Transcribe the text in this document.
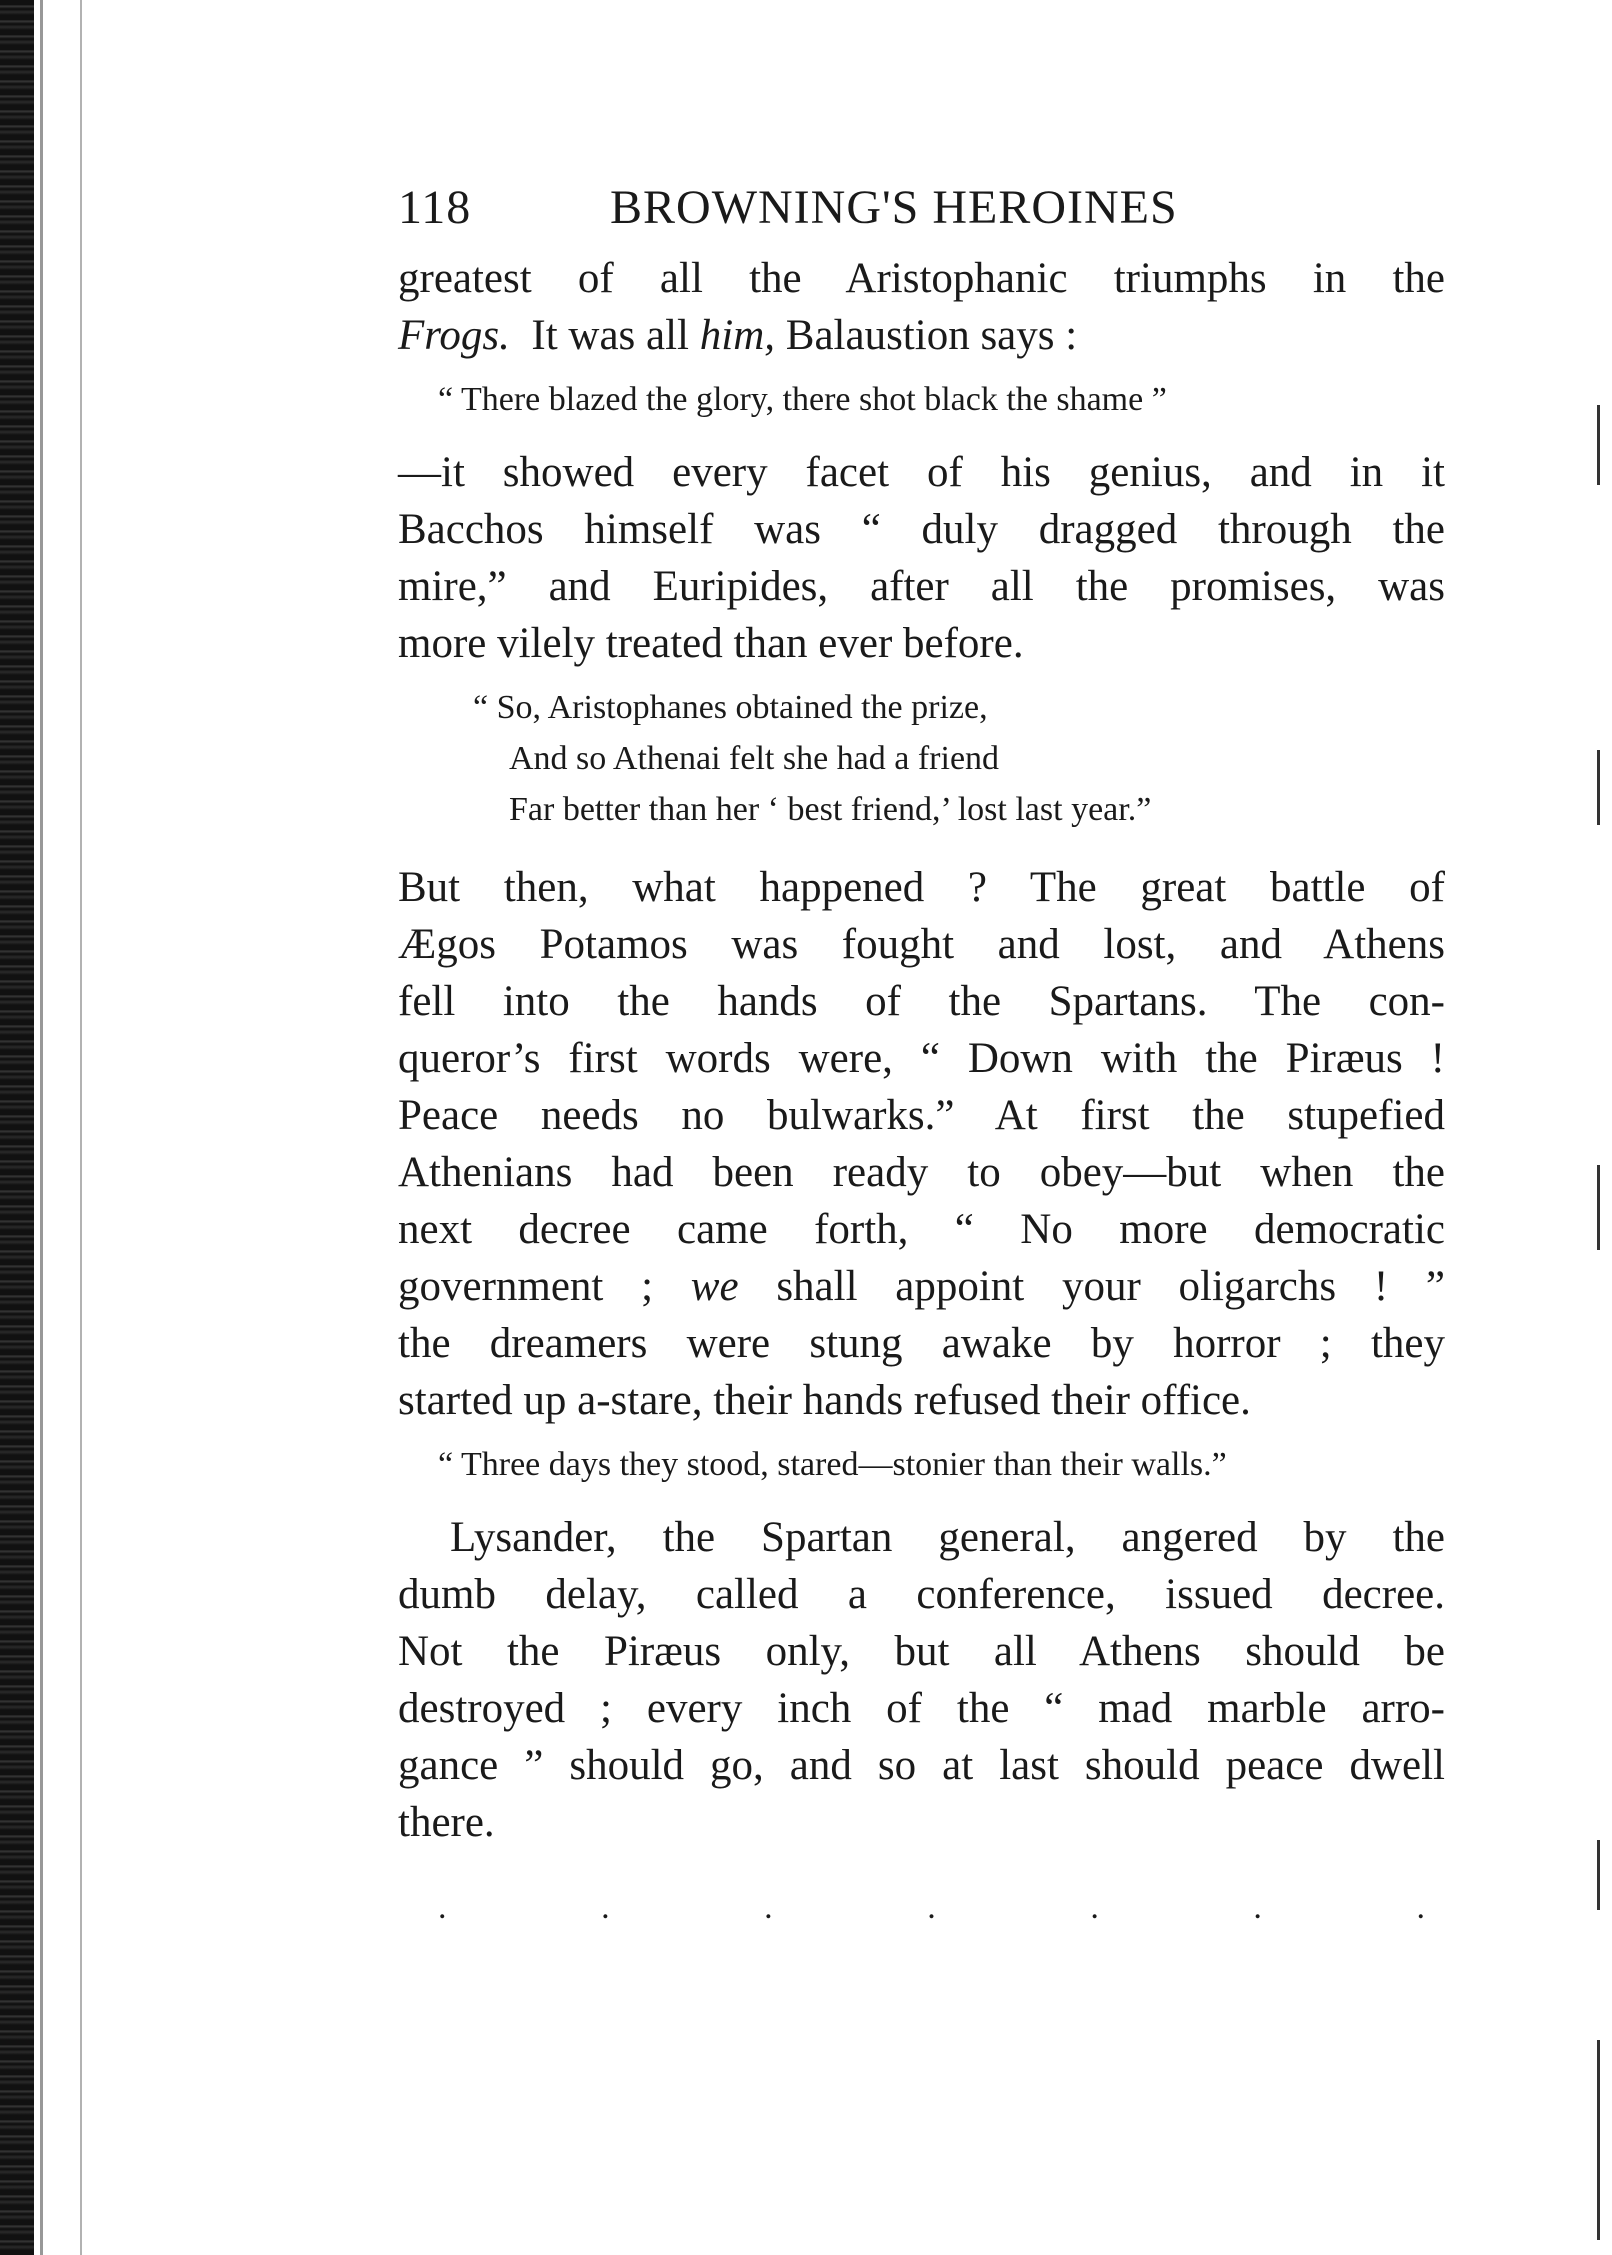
118	BROWNING'S HEROINES

greatest of all the Aristophanic triumphs in the
Frogs. It was all him, Balaustion says :

“ There blazed the glory, there shot black the shame ”

—it showed every facet of his genius, and in it
Bacchos himself was “ duly dragged through the
mire,” and Euripides, after all the promises, was
more vilely treated than ever before.

“ So, Aristophanes obtained the prize,
And so Athenai felt she had a friend
Far better than her ‘ best friend,’ lost last year.”

But then, what happened ? The great battle of
Ægos Potamos was fought and lost, and Athens
fell into the hands of the Spartans. The con-
queror’s first words were, “ Down with the Piræus !
Peace needs no bulwarks.” At first the stupefied
Athenians had been ready to obey—but when the
next decree came forth, “ No more democratic
government ; we shall appoint your oligarchs ! ”
the dreamers were stung awake by horror ; they
started up a-stare, their hands refused their office.

“ Three days they stood, stared—stonier than their walls.”

Lysander, the Spartan general, angered by the
dumb delay, called a conference, issued decree.
Not the Piræus only, but all Athens should be
destroyed ; every inch of the “ mad marble arro-
gance ” should go, and so at last should peace dwell
there.

.	.	.	.	.	.	.
